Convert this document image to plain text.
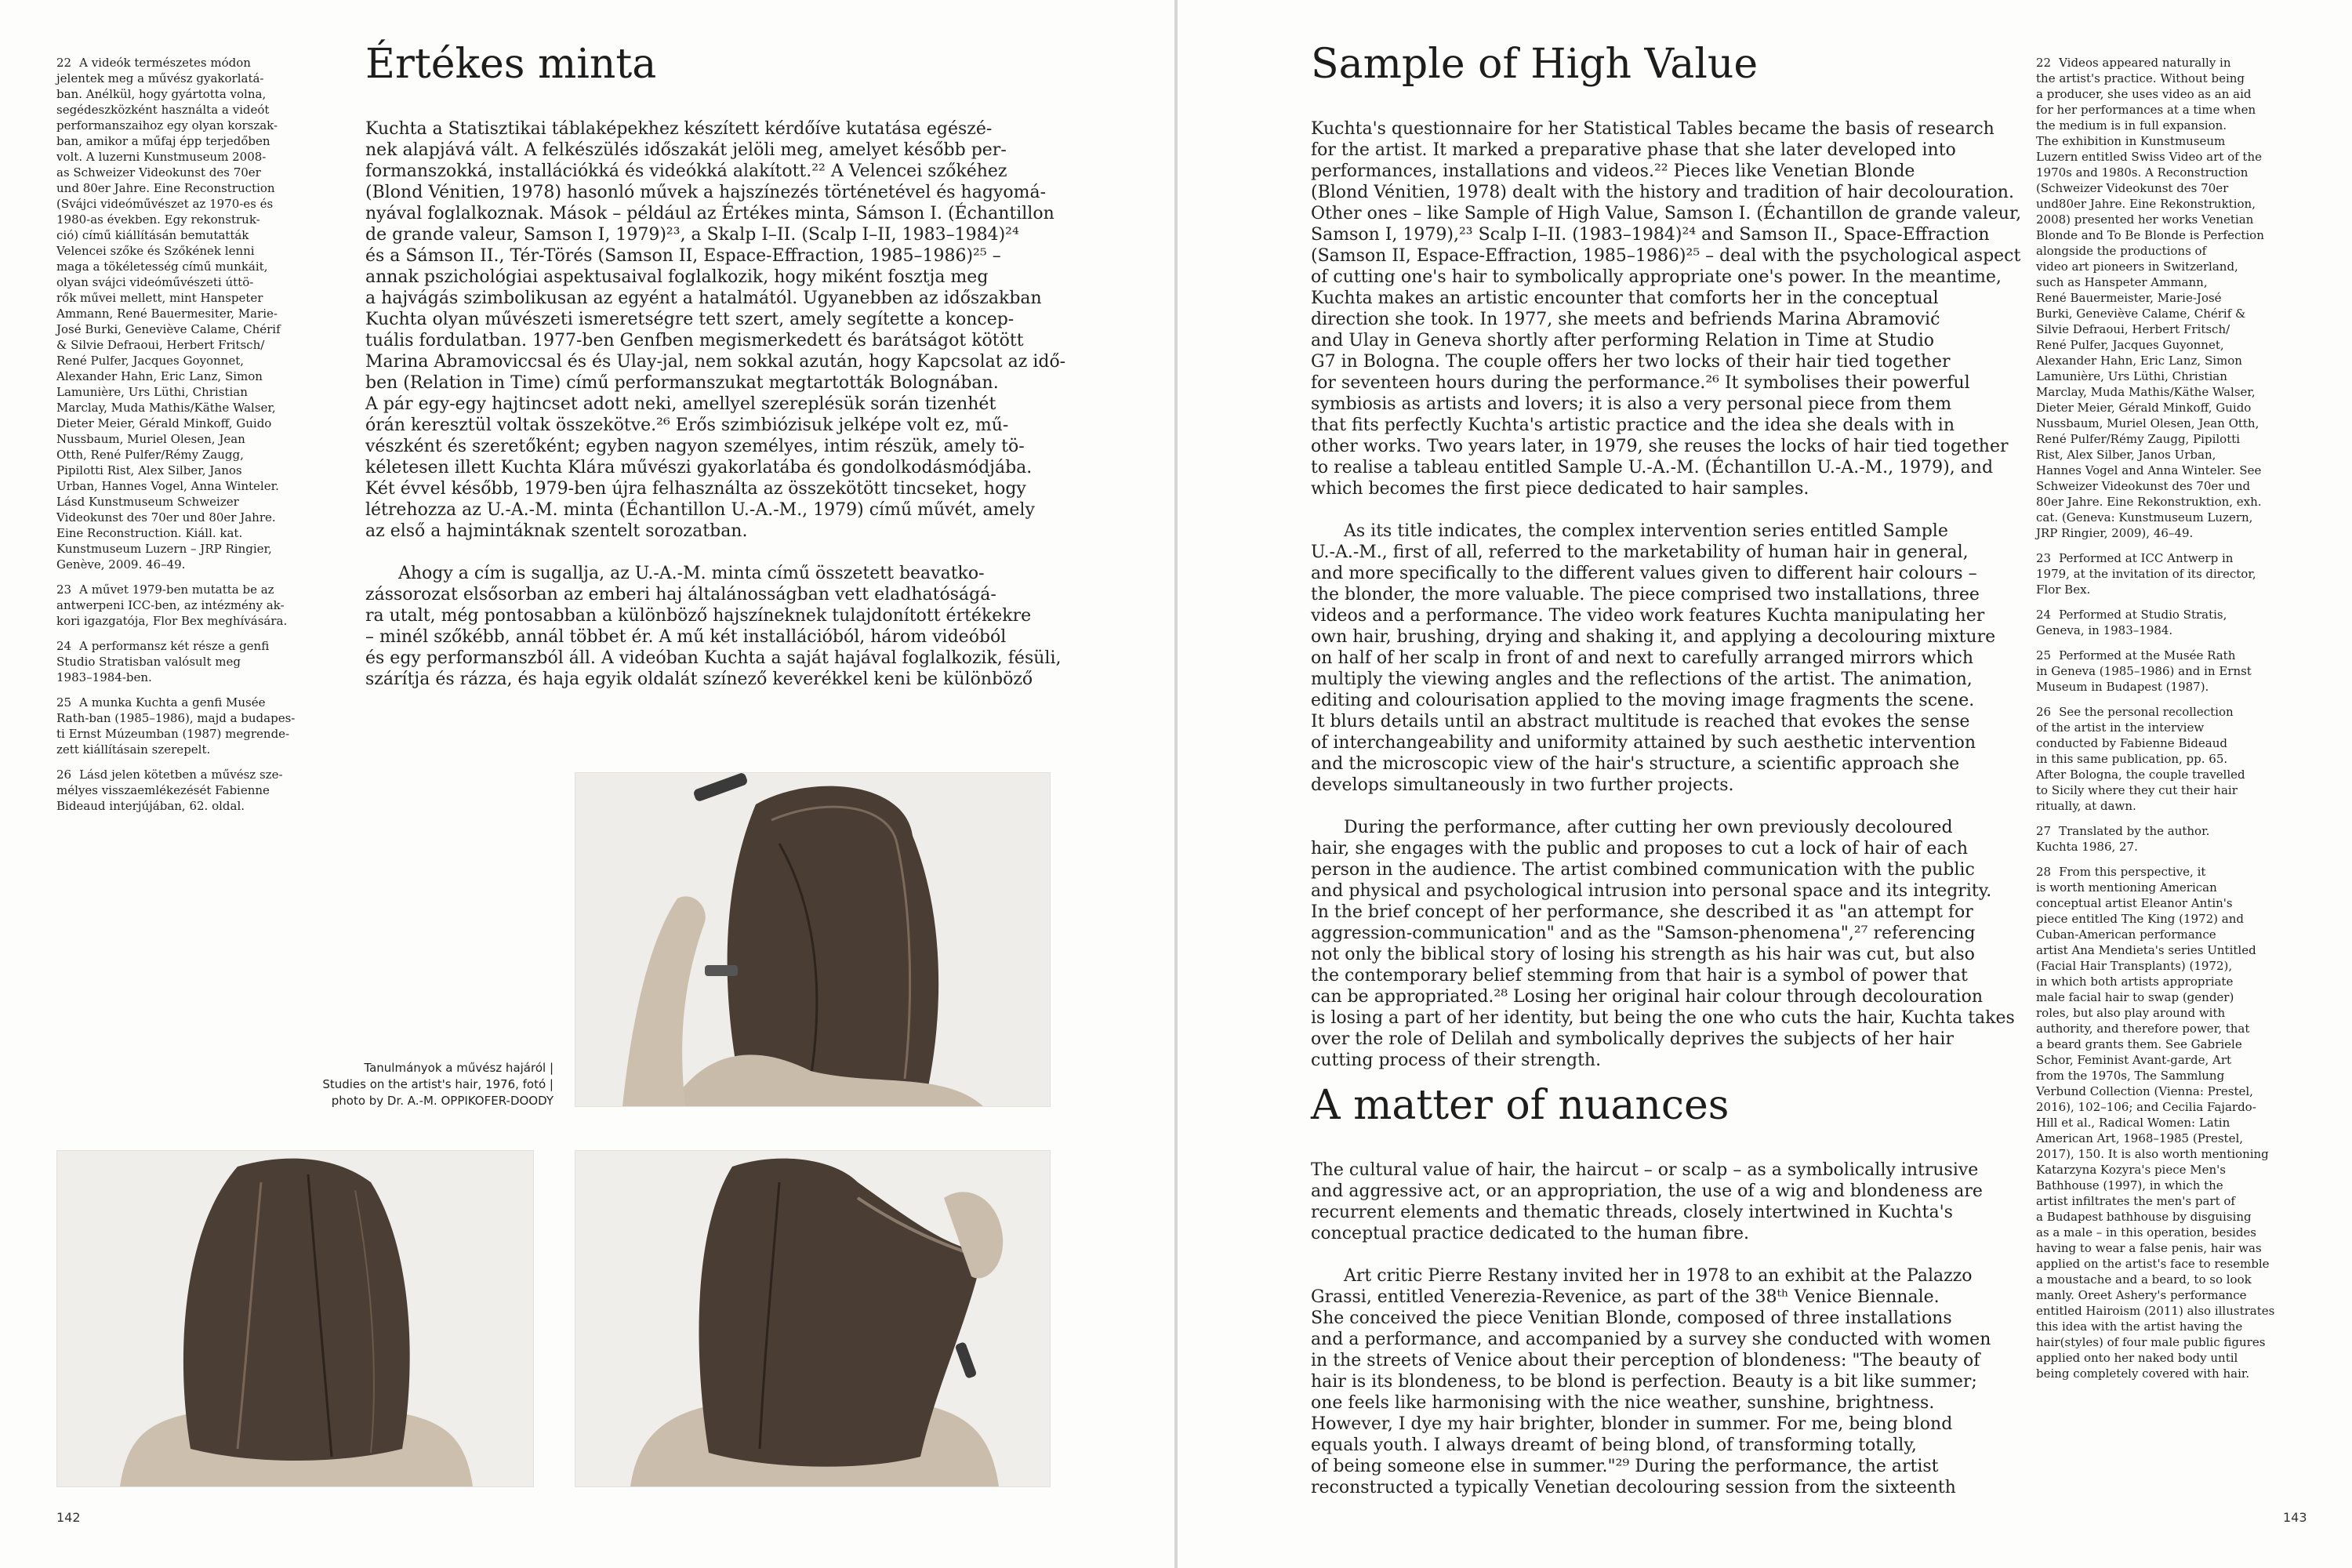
22 A videók természetes módon
jelentek meg a művész gyakorlatá-
ban. Anélkül, hogy gyártotta volna,
segédeszközként használta a videót
performanszaihoz egy olyan korszak-
ban, amikor a műfaj épp terjedőben
volt. A luzerni Kunstmuseum 2008-
as Schweizer Videokunst des 70er
und 80er Jahre. Eine Reconstruction
(Svájci videóművészet az 1970-es és
1980-as években. Egy rekonstruk-
ció) című kiállításán bemutatták
Velencei szőke és Szőkének lenni
maga a tökéletesség című munkáit,
olyan svájci videóművészeti úttö-
rők művei mellett, mint Hanspeter
Ammann, René Bauermesiter, Marie-
José Burki, Geneviève Calame, Chérif
& Silvie Defraoui, Herbert Fritsch/
René Pulfer, Jacques Goyonnet,
Alexander Hahn, Eric Lanz, Simon
Lamunière, Urs Lüthi, Christian
Marclay, Muda Mathis/Käthe Walser,
Dieter Meier, Gérald Minkoff, Guido
Nussbaum, Muriel Olesen, Jean
Otth, René Pulfer/Rémy Zaugg,
Pipilotti Rist, Alex Silber, Janos
Urban, Hannes Vogel, Anna Winteler.
Lásd Kunstmuseum Schweizer
Videokunst des 70er und 80er Jahre.
Eine Reconstruction. Kiáll. kat.
Kunstmuseum Luzern – JRP Ringier,
Genève, 2009. 46–49.
23 A művet 1979-ben mutatta be az
antwerpeni ICC-ben, az intézmény ak-
kori igazgatója, Flor Bex meghívására.
24 A performansz két része a genfi
Studio Stratisban valósult meg
1983–1984-ben.
25 A munka Kuchta a genfi Musée
Rath-ban (1985–1986), majd a budapes-
ti Ernst Múzeumban (1987) megrende-
zett kiállításain szerepelt.
26 Lásd jelen kötetben a művész sze-
mélyes visszaemlékezését Fabienne
Bideaud interjújában, 62. oldal.
Értékes minta

Kuchta a Statisztikai táblaképekhez készített kérdőíve kutatása egészé-
nek alapjává vált. A felkészülés időszakát jelöli meg, amelyet később per-
formanszokká, installációkká és videókká alakított.²² A Velencei szőkéhez
(Blond Vénitien, 1978) hasonló művek a hajszínezés történetével és hagyomá-
nyával foglalkoznak. Mások – például az Értékes minta, Sámson I. (Échantillon
de grande valeur, Samson I, 1979)²³, a Skalp I–II. (Scalp I–II, 1983–1984)²⁴
és a Sámson II., Tér-Törés (Samson II, Espace-Effraction, 1985–1986)²⁵ –
annak pszichológiai aspektusaival foglalkozik, hogy miként fosztja meg
a hajvágás szimbolikusan az egyént a hatalmától. Ugyanebben az időszakban
Kuchta olyan művészeti ismeretségre tett szert, amely segítette a koncep-
tuális fordulatban. 1977-ben Genfben megismerkedett és barátságot kötött
Marina Abramoviccsal és és Ulay-jal, nem sokkal azután, hogy Kapcsolat az idő-
ben (Relation in Time) című performanszukat megtartották Bolognában.
A pár egy-egy hajtincset adott neki, amellyel szereplésük során tizenhét
órán keresztül voltak összekötve.²⁶ Erős szimbiózisuk jelképe volt ez, mű-
vészként és szeretőként; egyben nagyon személyes, intim részük, amely tö-
kéletesen illett Kuchta Klára művészi gyakorlatába és gondolkodásmódjába.
Két évvel később, 1979-ben újra felhasználta az összekötött tincseket, hogy
létrehozza az U.-A.-M. minta (Échantillon U.-A.-M., 1979) című művét, amely
az első a hajmintáknak szentelt sorozatban.

Ahogy a cím is sugallja, az U.-A.-M. minta című összetett beavatko-
zássorozat elsősorban az emberi haj általánosságban vett eladhatóságá-
ra utalt, még pontosabban a különböző hajszíneknek tulajdonított értékekre
– minél szőkébb, annál többet ér. A mű két installációból, három videóból
és egy performanszból áll. A videóban Kuchta a saját hajával foglalkozik, fésüli,
szárítja és rázza, és haja egyik oldalát színező keverékkel keni be különböző

Tanulmányok a művész hajáról |
Studies on the artist's hair, 1976, fotó |
photo by Dr. A.-M. OPPIKOFER-DOODY
142
Sample of High Value

Kuchta's questionnaire for her Statistical Tables became the basis of research
for the artist. It marked a preparative phase that she later developed into
performances, installations and videos.²² Pieces like Venetian Blonde
(Blond Vénitien, 1978) dealt with the history and tradition of hair decolouration.
Other ones – like Sample of High Value, Samson I. (Échantillon de grande valeur,
Samson I, 1979),²³ Scalp I–II. (1983–1984)²⁴ and Samson II., Space-Effraction
(Samson II, Espace-Effraction, 1985–1986)²⁵ – deal with the psychological aspect
of cutting one's hair to symbolically appropriate one's power. In the meantime,
Kuchta makes an artistic encounter that comforts her in the conceptual
direction she took. In 1977, she meets and befriends Marina Abramović
and Ulay in Geneva shortly after performing Relation in Time at Studio
G7 in Bologna. The couple offers her two locks of their hair tied together
for seventeen hours during the performance.²⁶ It symbolises their powerful
symbiosis as artists and lovers; it is also a very personal piece from them
that fits perfectly Kuchta's artistic practice and the idea she deals with in
other works. Two years later, in 1979, she reuses the locks of hair tied together
to realise a tableau entitled Sample U.-A.-M. (Échantillon U.-A.-M., 1979), and
which becomes the first piece dedicated to hair samples.

As its title indicates, the complex intervention series entitled Sample
U.-A.-M., first of all, referred to the marketability of human hair in general,
and more specifically to the different values given to different hair colours –
the blonder, the more valuable. The piece comprised two installations, three
videos and a performance. The video work features Kuchta manipulating her
own hair, brushing, drying and shaking it, and applying a decolouring mixture
on half of her scalp in front of and next to carefully arranged mirrors which
multiply the viewing angles and the reflections of the artist. The animation,
editing and colourisation applied to the moving image fragments the scene.
It blurs details until an abstract multitude is reached that evokes the sense
of interchangeability and uniformity attained by such aesthetic intervention
and the microscopic view of the hair's structure, a scientific approach she
develops simultaneously in two further projects.

During the performance, after cutting her own previously decoloured
hair, she engages with the public and proposes to cut a lock of hair of each
person in the audience. The artist combined communication with the public
and physical and psychological intrusion into personal space and its integrity.
In the brief concept of her performance, she described it as "an attempt for
aggression-communication" and as the "Samson-phenomena",²⁷ referencing
not only the biblical story of losing his strength as his hair was cut, but also
the contemporary belief stemming from that hair is a symbol of power that
can be appropriated.²⁸ Losing her original hair colour through decolouration
is losing a part of her identity, but being the one who cuts the hair, Kuchta takes
over the role of Delilah and symbolically deprives the subjects of her hair
cutting process of their strength.

A matter of nuances

The cultural value of hair, the haircut – or scalp – as a symbolically intrusive
and aggressive act, or an appropriation, the use of a wig and blondeness are
recurrent elements and thematic threads, closely intertwined in Kuchta's
conceptual practice dedicated to the human fibre.

Art critic Pierre Restany invited her in 1978 to an exhibit at the Palazzo
Grassi, entitled Venerezia-Revenice, as part of the 38ᵗʰ Venice Biennale.
She conceived the piece Venitian Blonde, composed of three installations
and a performance, and accompanied by a survey she conducted with women
in the streets of Venice about their perception of blondeness: "The beauty of
hair is its blondeness, to be blond is perfection. Beauty is a bit like summer;
one feels like harmonising with the nice weather, sunshine, brightness.
However, I dye my hair brighter, blonder in summer. For me, being blond
equals youth. I always dreamt of being blond, of transforming totally,
of being someone else in summer."²⁹ During the performance, the artist
reconstructed a typically Venetian decolouring session from the sixteenth

22 Videos appeared naturally in
the artist's practice. Without being
a producer, she uses video as an aid
for her performances at a time when
the medium is in full expansion.
The exhibition in Kunstmuseum
Luzern entitled Swiss Video art of the
1970s and 1980s. A Reconstruction
(Schweizer Videokunst des 70er
und80er Jahre. Eine Rekonstruktion,
2008) presented her works Venetian
Blonde and To Be Blonde is Perfection
alongside the productions of
video art pioneers in Switzerland,
such as Hanspeter Ammann,
René Bauermeister, Marie-José
Burki, Geneviève Calame, Chérif &
Silvie Defraoui, Herbert Fritsch/
René Pulfer, Jacques Guyonnet,
Alexander Hahn, Eric Lanz, Simon
Lamunière, Urs Lüthi, Christian
Marclay, Muda Mathis/Käthe Walser,
Dieter Meier, Gérald Minkoff, Guido
Nussbaum, Muriel Olesen, Jean Otth,
René Pulfer/Rémy Zaugg, Pipilotti
Rist, Alex Silber, Janos Urban,
Hannes Vogel and Anna Winteler. See
Schweizer Videokunst des 70er und
80er Jahre. Eine Rekonstruktion, exh.
cat. (Geneva: Kunstmuseum Luzern,
JRP Ringier, 2009), 46–49.
23 Performed at ICC Antwerp in
1979, at the invitation of its director,
Flor Bex.
24 Performed at Studio Stratis,
Geneva, in 1983–1984.
25 Performed at the Musée Rath
in Geneva (1985–1986) and in Ernst
Museum in Budapest (1987).
26 See the personal recollection
of the artist in the interview
conducted by Fabienne Bideaud
in this same publication, pp. 65.
After Bologna, the couple travelled
to Sicily where they cut their hair
ritually, at dawn.
27 Translated by the author.
Kuchta 1986, 27.
28 From this perspective, it
is worth mentioning American
conceptual artist Eleanor Antin's
piece entitled The King (1972) and
Cuban-American performance
artist Ana Mendieta's series Untitled
(Facial Hair Transplants) (1972),
in which both artists appropriate
male facial hair to swap (gender)
roles, but also play around with
authority, and therefore power, that
a beard grants them. See Gabriele
Schor, Feminist Avant-garde, Art
from the 1970s, The Sammlung
Verbund Collection (Vienna: Prestel,
2016), 102–106; and Cecilia Fajardo-
Hill et al., Radical Women: Latin
American Art, 1968–1985 (Prestel,
2017), 150. It is also worth mentioning
Katarzyna Kozyra's piece Men's
Bathhouse (1997), in which the
artist infiltrates the men's part of
a Budapest bathhouse by disguising
as a male – in this operation, besides
having to wear a false penis, hair was
applied on the artist's face to resemble
a moustache and a beard, to so look
manly. Oreet Ashery's performance
entitled Hairoism (2011) also illustrates
this idea with the artist having the
hair(styles) of four male public figures
applied onto her naked body until
being completely covered with hair.
143
